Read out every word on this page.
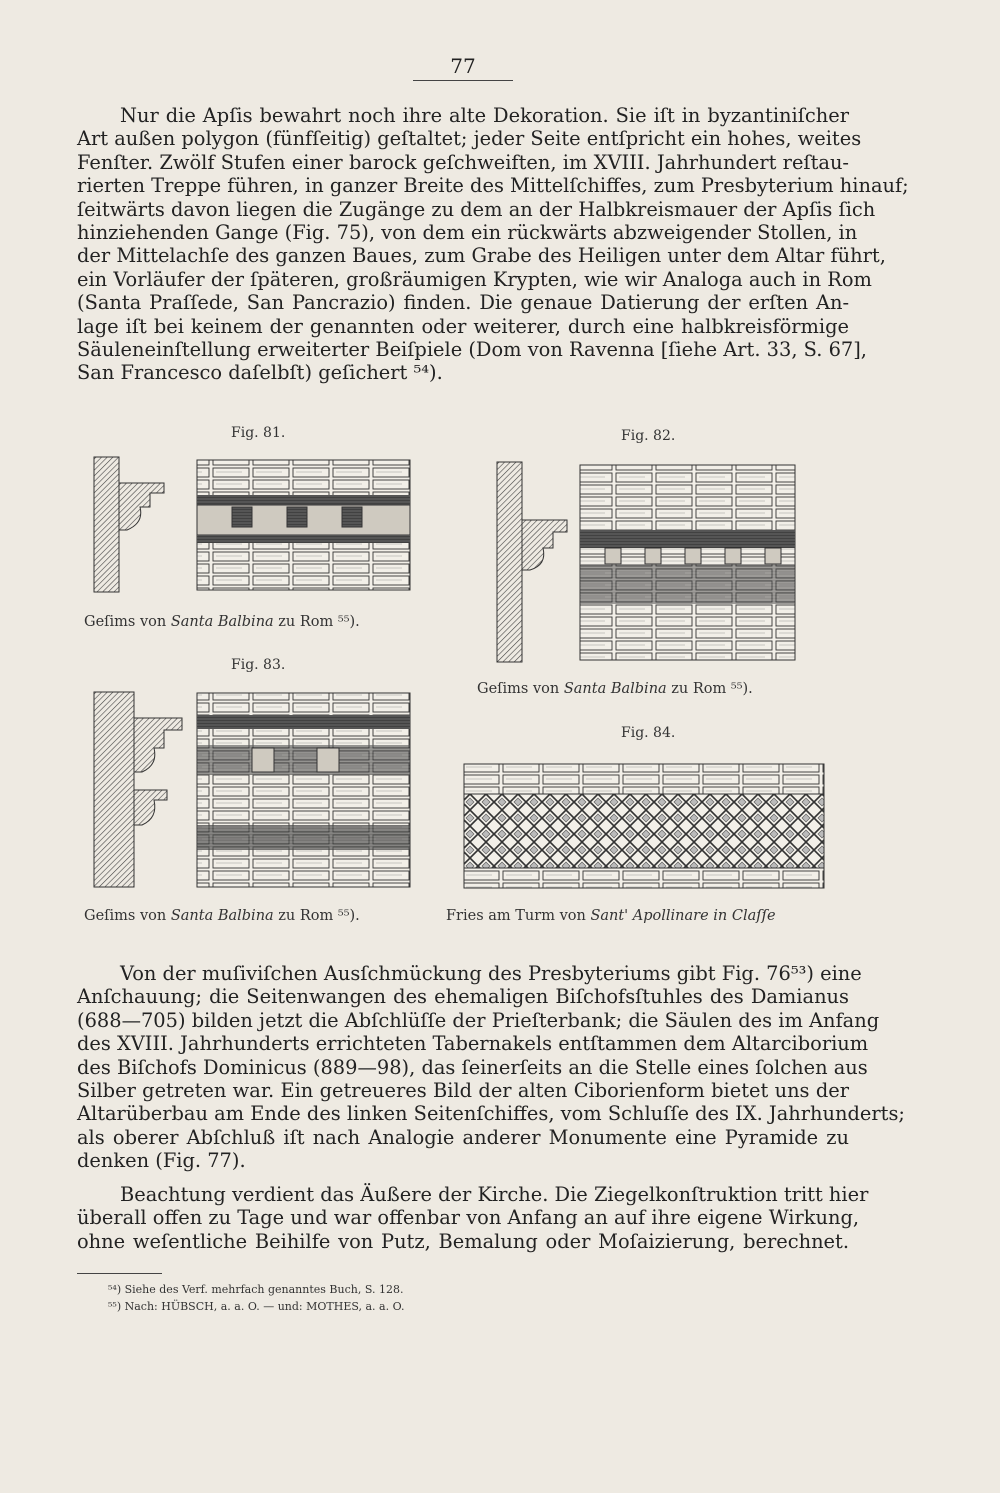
77
Nur die Apſis bewahrt noch ihre alte Dekoration. Sie iſt in byzantiniſcher
Art außen polygon (fünfſeitig) geſtaltet; jeder Seite entſpricht ein hohes, weites
Fenſter. Zwölf Stufen einer barock geſchweiften, im XVIII. Jahrhundert reſtau-
rierten Treppe führen, in ganzer Breite des Mittelſchiffes, zum Presbyterium hinauf;
ſeitwärts davon liegen die Zugänge zu dem an der Halbkreismauer der Apſis ſich
hinziehenden Gange (Fig. 75), von dem ein rückwärts abzweigender Stollen, in
der Mittelachſe des ganzen Baues, zum Grabe des Heiligen unter dem Altar führt,
ein Vorläufer der ſpäteren, großräumigen Krypten, wie wir Analoga auch in Rom
(Santa Praſſede, San Pancrazio) finden. Die genaue Datierung der erſten An-
lage iſt bei keinem der genannten oder weiterer, durch eine halbkreisförmige
Säuleneinſtellung erweiterter Beiſpiele (Dom von Ravenna [ſiehe Art. 33, S. 67],
San Francesco daſelbſt) geſichert ⁵⁴).
Fig. 81.	Fig. 82.
Fig. 83.
Fig. 84.
Geſims von Santa Balbina zu Rom ⁵⁵).
Geſims von Santa Balbina zu Rom ⁵⁵).
Geſims von Santa Balbina zu Rom ⁵⁵).	Fries am Turm von Sant' Apollinare in Claſſe
Von der muſiviſchen Ausſchmückung des Presbyteriums gibt Fig. 76⁵³) eine
Anſchauung; die Seitenwangen des ehemaligen Biſchofsſtuhles des Damianus
(688—705) bilden jetzt die Abſchlüſſe der Prieſterbank; die Säulen des im Anfang
des XVIII. Jahrhunderts errichteten Tabernakels entſtammen dem Altarciborium
des Biſchofs Dominicus (889—98), das ſeinerſeits an die Stelle eines ſolchen aus
Silber getreten war. Ein getreueres Bild der alten Ciborienform bietet uns der
Altarüberbau am Ende des linken Seitenſchiffes, vom Schluſſe des IX. Jahrhunderts;
als oberer Abſchluß iſt nach Analogie anderer Monumente eine Pyramide zu
denken (Fig. 77).
Beachtung verdient das Äußere der Kirche. Die Ziegelkonſtruktion tritt hier
überall offen zu Tage und war offenbar von Anfang an auf ihre eigene Wirkung,
ohne weſentliche Beihilfe von Putz, Bemalung oder Moſaizierung, berechnet.
⁵⁴) Siehe des Verf. mehrfach genanntes Buch, S. 128.
⁵⁵) Nach: HÜBSCH, a. a. O. — und: MOTHES, a. a. O.
